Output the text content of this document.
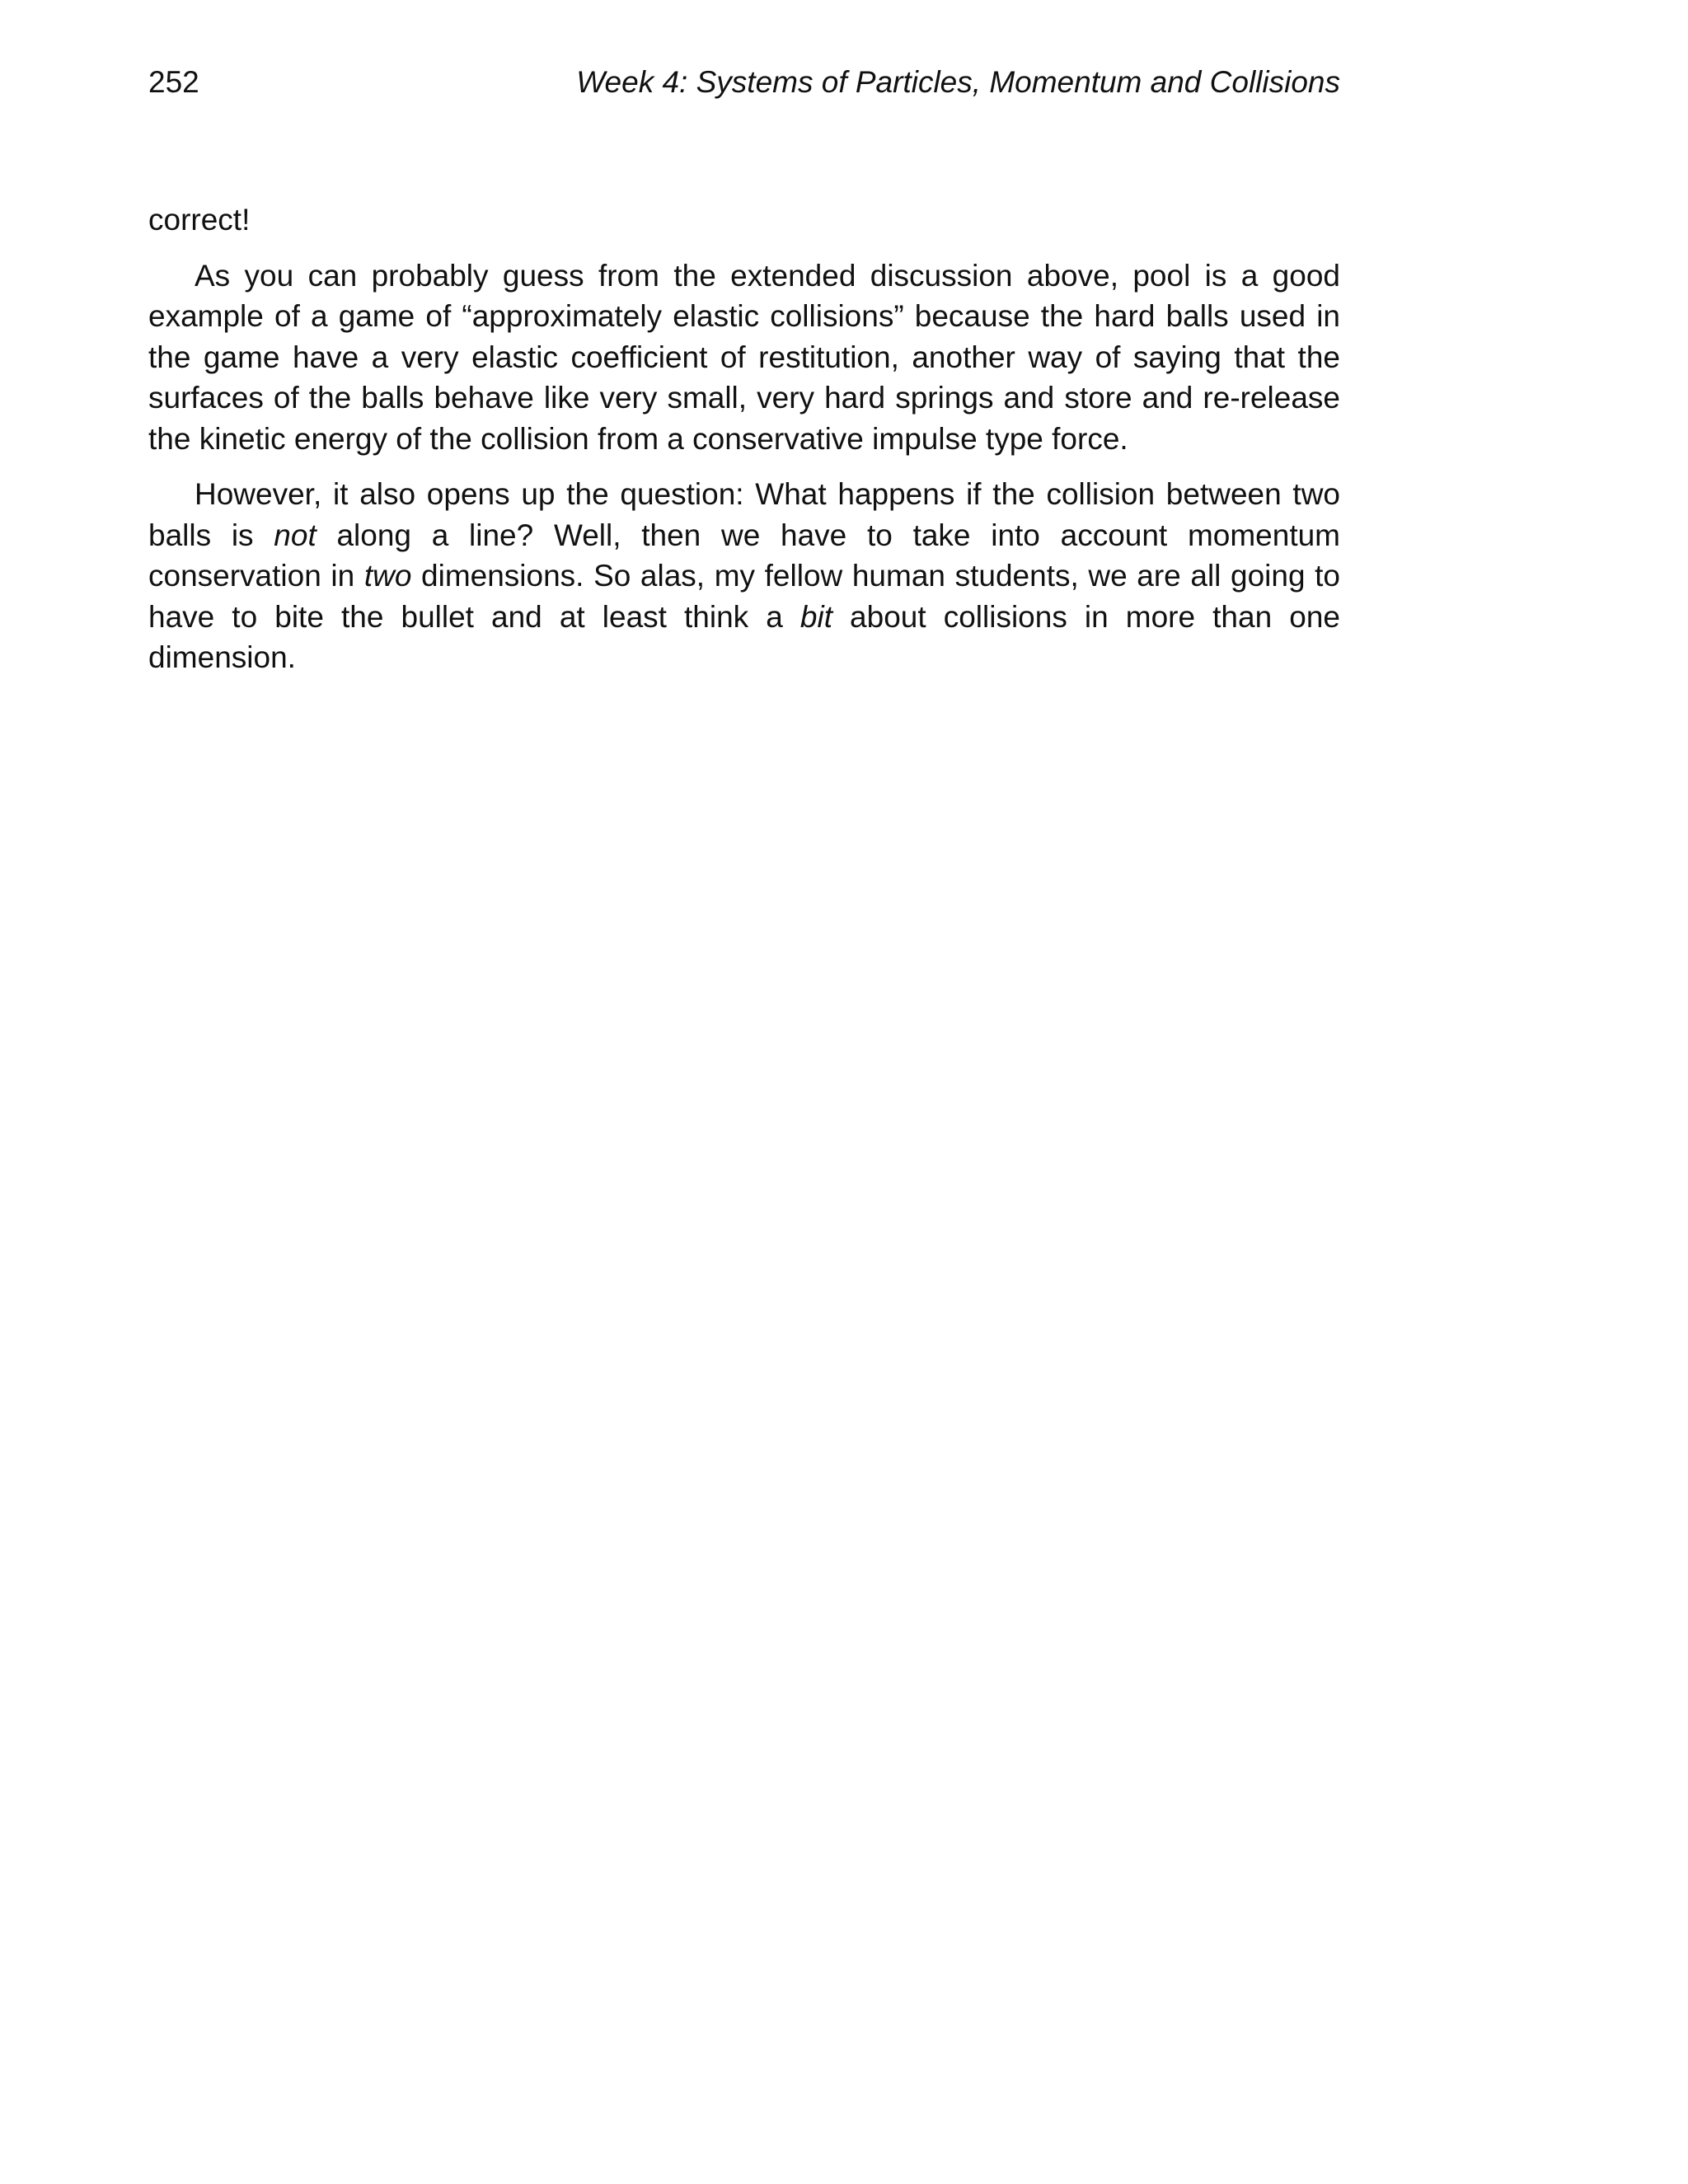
252	Week 4: Systems of Particles, Momentum and Collisions

correct!

As you can probably guess from the extended discussion above, pool is a good example of a game of “approximately elastic collisions” because the hard balls used in the game have a very elastic coefficient of restitution, another way of saying that the surfaces of the balls behave like very small, very hard springs and store and re-release the kinetic energy of the collision from a conservative impulse type force.

However, it also opens up the question: What happens if the collision between two balls is not along a line? Well, then we have to take into account momentum conservation in two dimensions. So alas, my fellow human students, we are all going to have to bite the bullet and at least think a bit about collisions in more than one dimension.
